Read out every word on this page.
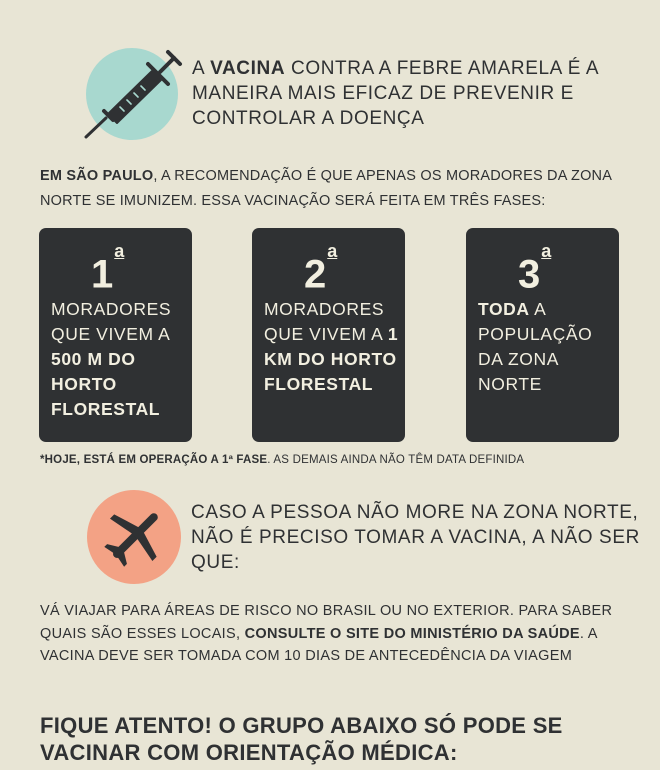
A VACINA CONTRA A FEBRE AMARELA É A MANEIRA MAIS EFICAZ DE PREVENIR E CONTROLAR A DOENÇA
EM SÃO PAULO, A RECOMENDAÇÃO É QUE APENAS OS MORADORES DA ZONA NORTE SE IMUNIZEM. ESSA VACINAÇÃO SERÁ FEITA EM TRÊS FASES:
1$^a$
MORADORES QUE VIVEM A 500 M DO HORTO FLORESTAL
2$^a$
MORADORES QUE VIVEM A 1 KM DO HORTO FLORESTAL
3$^a$
TODA A POPULAÇÃO DA ZONA NORTE
*HOJE, ESTÁ EM OPERAÇÃO A 1ª FASE. AS DEMAIS AINDA NÃO TÊM DATA DEFINIDA
CASO A PESSOA NÃO MORE NA ZONA NORTE, NÃO É PRECISO TOMAR A VACINA, A NÃO SER QUE:
VÁ VIAJAR PARA ÁREAS DE RISCO NO BRASIL OU NO EXTERIOR. PARA SABER QUAIS SÃO ESSES LOCAIS, CONSULTE O SITE DO MINISTÉRIO DA SAÚDE. A VACINA DEVE SER TOMADA COM 10 DIAS DE ANTECEDÊNCIA DA VIAGEM
FIQUE ATENTO! O GRUPO ABAIXO SÓ PODE SE VACINAR COM ORIENTAÇÃO MÉDICA:
